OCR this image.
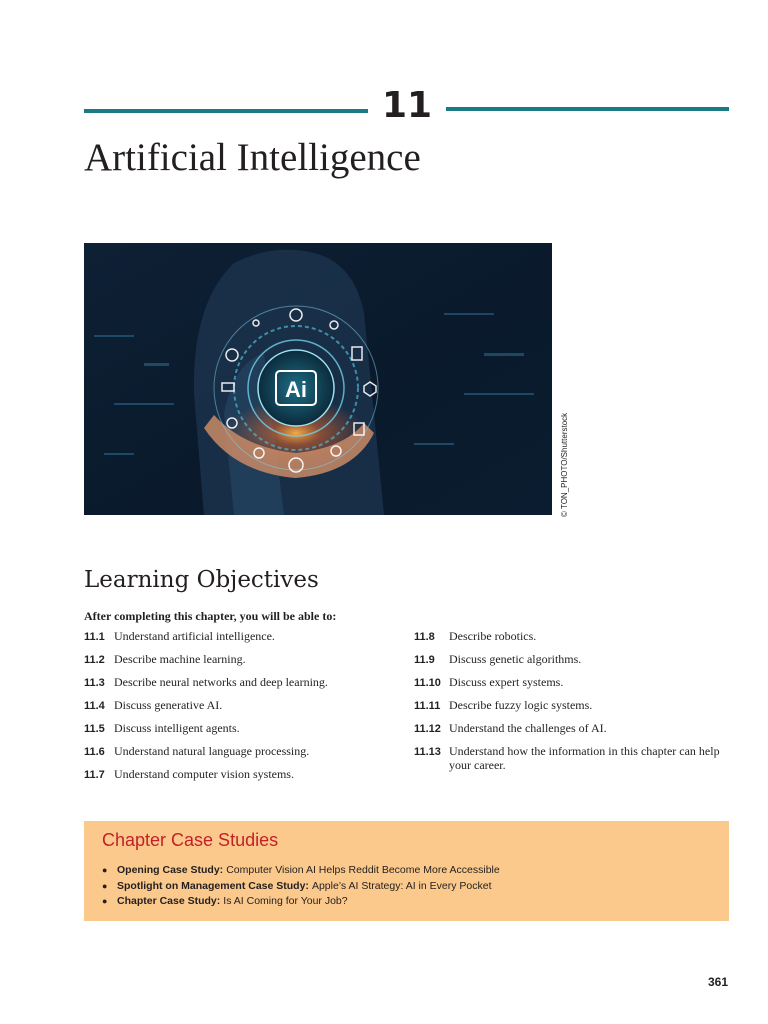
11
Artificial Intelligence
Ai
© TON_PHOTO/Shutterstock
Learning Objectives
After completing this chapter, you will be able to:
11.1 Understand artificial intelligence.
11.2 Describe machine learning.
11.3 Describe neural networks and deep learning.
11.4 Discuss generative AI.
11.5 Discuss intelligent agents.
11.6 Understand natural language processing.
11.7 Understand computer vision systems.
11.8	Describe robotics.
11.9	Discuss genetic algorithms.
11.10 Discuss expert systems.
11.11 Describe fuzzy logic systems.
11.12 Understand the challenges of AI.
11.13 Understand how the information in this chapter can help your career.
Chapter Case Studies
● Opening Case Study: Computer Vision AI Helps Reddit Become More Accessible
● Spotlight on Management Case Study: Apple’s AI Strategy: AI in Every Pocket
● Chapter Case Study: Is AI Coming for Your Job?
361
